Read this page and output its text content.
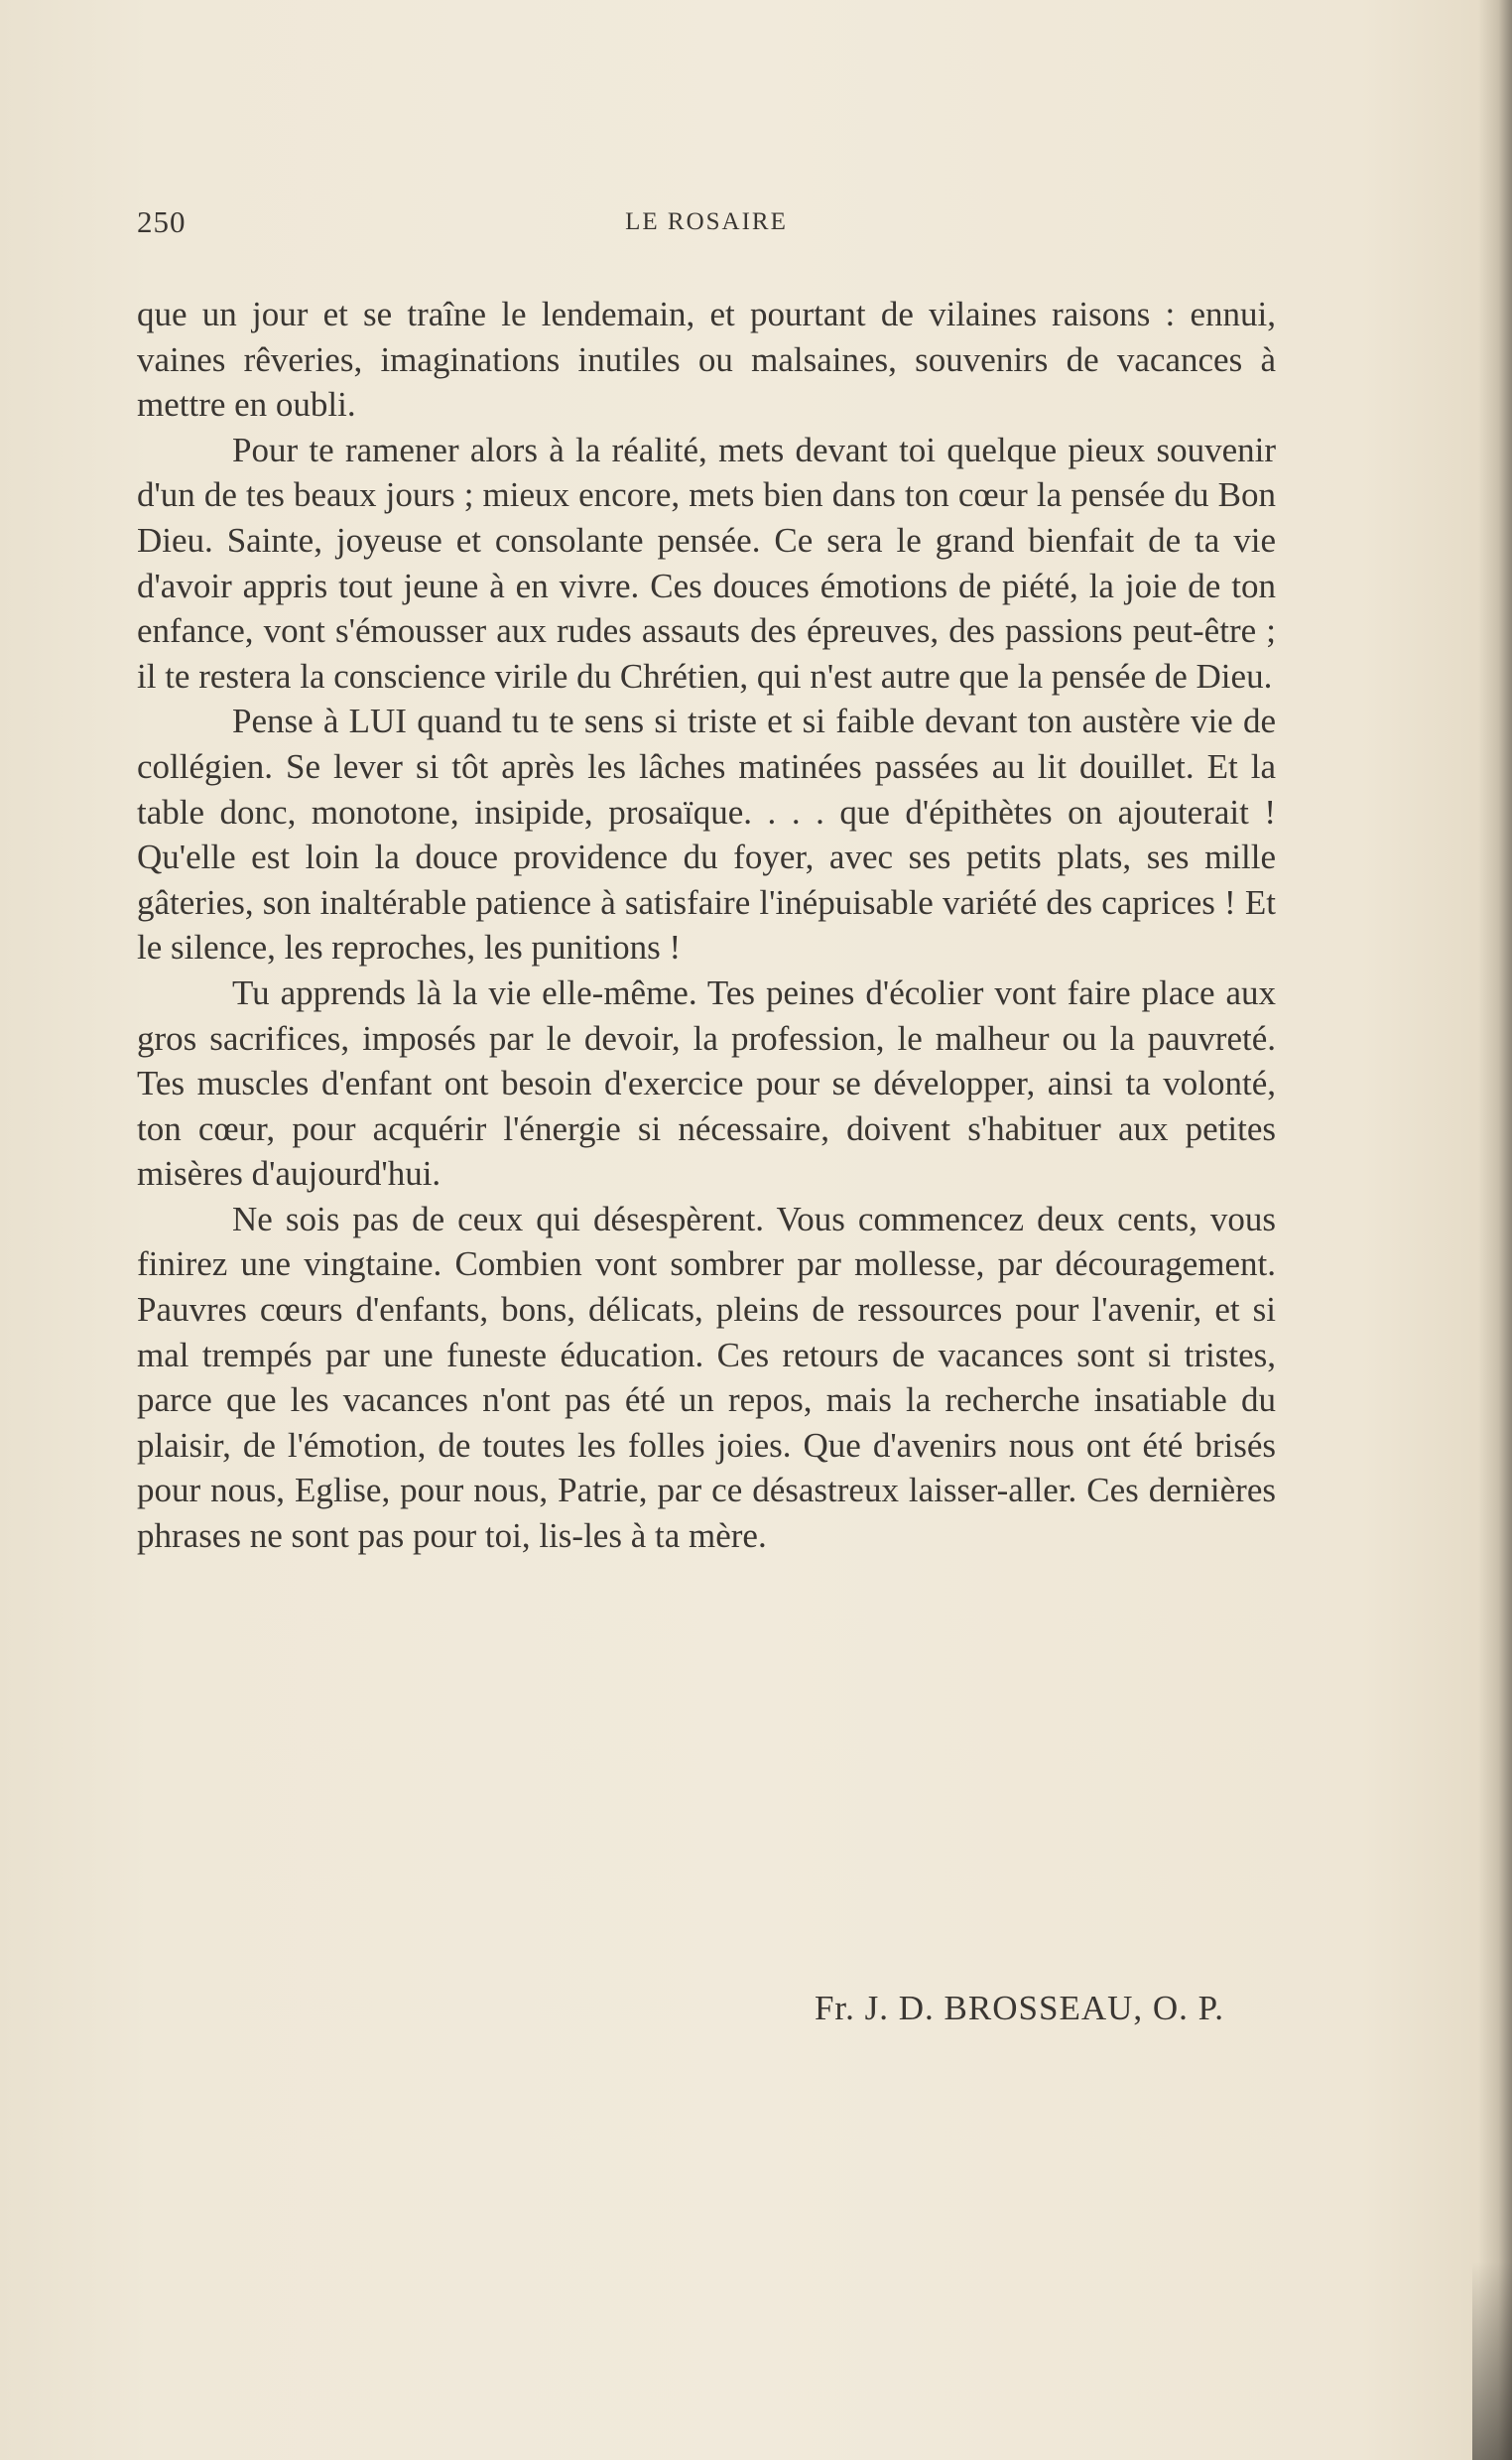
250	LE ROSAIRE

que un jour et se traîne le lendemain, et pourtant de vilaines raisons : ennui, vaines rêveries, imaginations inutiles ou malsaines, souvenirs de vacances à mettre en oubli.

Pour te ramener alors à la réalité, mets devant toi quelque pieux souvenir d'un de tes beaux jours ; mieux encore, mets bien dans ton cœur la pensée du Bon Dieu. Sainte, joyeuse et consolante pensée. Ce sera le grand bienfait de ta vie d'avoir appris tout jeune à en vivre. Ces douces émotions de piété, la joie de ton enfance, vont s'émousser aux rudes assauts des épreuves, des passions peut-être ; il te restera la conscience virile du Chrétien, qui n'est autre que la pensée de Dieu.

Pense à LUI quand tu te sens si triste et si faible devant ton austère vie de collégien. Se lever si tôt après les lâches matinées passées au lit douillet. Et la table donc, monotone, insipide, prosaïque. . . . que d'épithètes on ajouterait ! Qu'elle est loin la douce providence du foyer, avec ses petits plats, ses mille gâteries, son inaltérable patience à satisfaire l'inépuisable variété des caprices ! Et le silence, les reproches, les punitions !

Tu apprends là la vie elle-même. Tes peines d'écolier vont faire place aux gros sacrifices, imposés par le devoir, la profession, le malheur ou la pauvreté. Tes muscles d'enfant ont besoin d'exercice pour se développer, ainsi ta volonté, ton cœur, pour acquérir l'énergie si nécessaire, doivent s'habituer aux petites misères d'aujourd'hui.

Ne sois pas de ceux qui désespèrent. Vous commencez deux cents, vous finirez une vingtaine. Combien vont sombrer par mollesse, par découragement. Pauvres cœurs d'enfants, bons, délicats, pleins de ressources pour l'avenir, et si mal trempés par une funeste éducation. Ces retours de vacances sont si tristes, parce que les vacances n'ont pas été un repos, mais la recherche insatiable du plaisir, de l'émotion, de toutes les folles joies. Que d'avenirs nous ont été brisés pour nous, Eglise, pour nous, Patrie, par ce désastreux laisser-aller. Ces dernières phrases ne sont pas pour toi, lis-les à ta mère.

Fr. J. D. BROSSEAU, O. P.
